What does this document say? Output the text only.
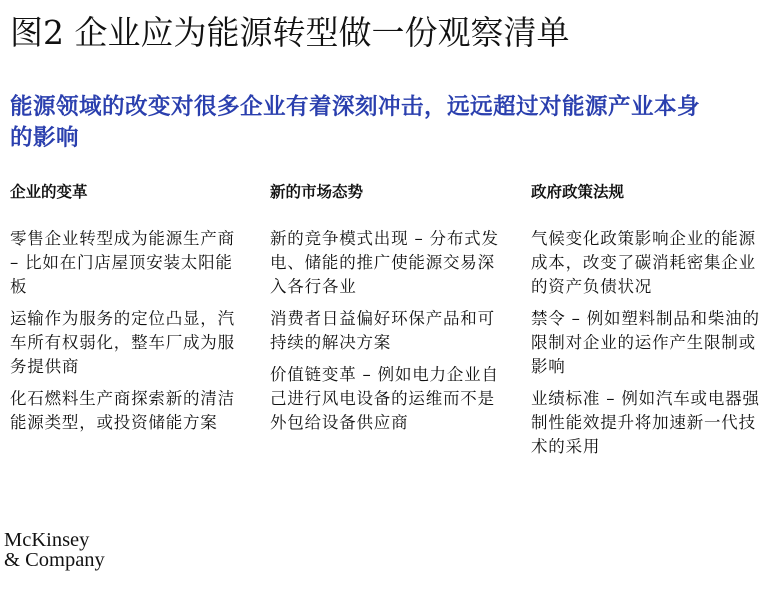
图2 企业应为能源转型做一份观察清单
能源领域的改变对很多企业有着深刻冲击，远远超过对能源产业本身的影响
企业的变革

零售企业转型成为能源生产商 – 比如在门店屋顶安装太阳能板

运输作为服务的定位凸显，汽车所有权弱化，整车厂成为服务提供商

化石燃料生产商探索新的清洁能源类型，或投资储能方案

新的市场态势

新的竞争模式出现 – 分布式发电、储能的推广使能源交易深入各行各业

消费者日益偏好环保产品和可持续的解决方案

价值链变革 – 例如电力企业自己进行风电设备的运维而不是外包给设备供应商

政府政策法规

气候变化政策影响企业的能源成本，改变了碳消耗密集企业的资产负债状况

禁令 – 例如塑料制品和柴油的限制对企业的运作产生限制或影响

业绩标准 – 例如汽车或电器强制性能效提升将加速新一代技术的采用

McKinsey
& Company
